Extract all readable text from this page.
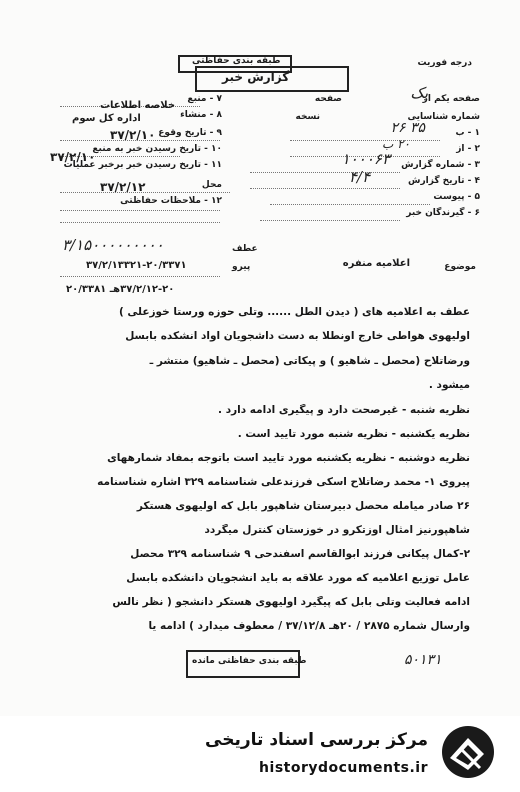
درجه فوریت
طبقه بندی حفاظتی
گزارش خبر
صفحه یکم از
یک
صفحه
شماره شناسایی
نسخه
۱ - ب
۳۵ ۲۶
۲ - از
۲۰ ب
۳ - شماره گزارش
۱۰۰۰۶۳
۴ - تاریخ گزارش
۴/۴
۵ - پیوست
۶ - گیرندگان خبر
۷ - منبع
۸ - منشاء
خلاصه اطلاعات
اداره کل سوم
۹ - تاریخ وقوع
۳۷/۲/۱۰
۱۰ - تاریخ رسیدن خبر به منبع
۱۱ - تاریخ رسیدن خبر برخبر عملیات
۳۷/۲/۱۰
محل
۳۷/۲/۱۲
۱۲ - ملاحظات حفاظتی
۳/۱۵۰۰۰۰۰۰۰۰۰	عطف
پیرو
۳۷/۲/۱۳۳۲۱-۲۰/۳۳۷۱
۳۷/۲/۱۲-۲۰هـ ۲۰/۳۳۸۱
موضوع
اعلامیه منفره
عطف به اعلامیه های ( دیدن الطل ...... وتلی حوزه ورستا خوزعلی )
اولیهوی هواطی خارج اونطلا به دست داشجویان اواد انشکده بابسل
ورضاتلاح (محصل ـ شاهیو ) و پیکاتی (محصل ـ شاهیو) منتشر ـ
میشود .
نظریه شنبه - غیرصحت دارد و پیگیری ادامه دارد .
نظریه یکشنبه - نظریه شنبه مورد تایید است .
نظریه دوشنبه - نظریه یکشنبه مورد تایید است باتوجه بمفاد شمارههای
پیروی ۱- محمد رضاتلاح اسکی فرزندعلی شناسنامه ۳۲۹ اشاره شناسنامه
۲۶ صادر میامله محصل دبیرستان شاهپور بابل که اولیهوی هستکر
شاهپورنیز امثال اوزتکرو در خوزستان کنترل میگردد
۲-کمال پیکانی فرزند ابوالقاسم اسفندحی ۹ شناسنامه ۳۲۹ محصل
عامل توزیع اعلامیه که مورد علاقه به باید انشجویان دانشکده بابسل
ادامه فعالیت وتلی بابل که پیگیرد اولیهوی هستکر دانشجو ( نظر نالس
وارسال شماره ۲۸۷۵ / ۲۰هـ ۳۷/۱۲/۸ / معطوف میدارد ) ادامه یا
طبقه بندی حفاظتی مانده	۵۰۱۳۱
مرکز بررسی اسناد تاریخی
historydocuments.ir
